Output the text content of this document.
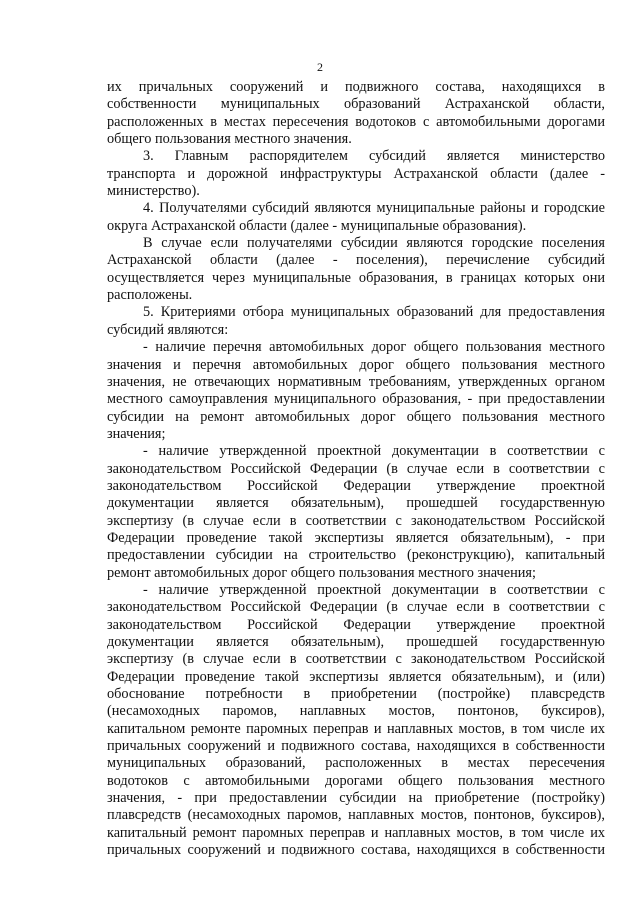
2
их причальных сооружений и подвижного состава, находящихся в
собственности муниципальных образований Астраханской области,
расположенных в местах пересечения водотоков с автомобильными дорогами
общего пользования местного значения.
3. Главным распорядителем субсидий является министерство
транспорта и дорожной инфраструктуры Астраханской области (далее -
министерство).
4. Получателями субсидий являются муниципальные районы и городские
округа Астраханской области (далее - муниципальные образования).
В случае если получателями субсидии являются городские поселения
Астраханской области (далее - поселения), перечисление субсидий
осуществляется через муниципальные образования, в границах которых они
расположены.
5. Критериями отбора муниципальных образований для предоставления
субсидий являются:
- наличие перечня автомобильных дорог общего пользования местного
значения и перечня автомобильных дорог общего пользования местного
значения, не отвечающих нормативным требованиям, утвержденных органом
местного самоуправления муниципального образования, - при предоставлении
субсидии на ремонт автомобильных дорог общего пользования местного
значения;
- наличие утвержденной проектной документации в соответствии с
законодательством Российской Федерации (в случае если в соответствии с
законодательством Российской Федерации утверждение проектной
документации является обязательным), прошедшей государственную
экспертизу (в случае если в соответствии с законодательством Российской
Федерации проведение такой экспертизы является обязательным), - при
предоставлении субсидии на строительство (реконструкцию), капитальный
ремонт автомобильных дорог общего пользования местного значения;
- наличие утвержденной проектной документации в соответствии с
законодательством Российской Федерации (в случае если в соответствии с
законодательством Российской Федерации утверждение проектной
документации является обязательным), прошедшей государственную
экспертизу (в случае если в соответствии с законодательством Российской
Федерации проведение такой экспертизы является обязательным), и (или)
обоснование потребности в приобретении (постройке) плавсредств
(несамоходных паромов, наплавных мостов, понтонов, буксиров),
капитальном ремонте паромных переправ и наплавных мостов, в том числе их
причальных сооружений и подвижного состава, находящихся в собственности
муниципальных образований, расположенных в местах пересечения
водотоков с автомобильными дорогами общего пользования местного
значения, - при предоставлении субсидии на приобретение (постройку)
плавсредств (несамоходных паромов, наплавных мостов, понтонов, буксиров),
капитальный ремонт паромных переправ и наплавных мостов, в том числе их
причальных сооружений и подвижного состава, находящихся в собственности
